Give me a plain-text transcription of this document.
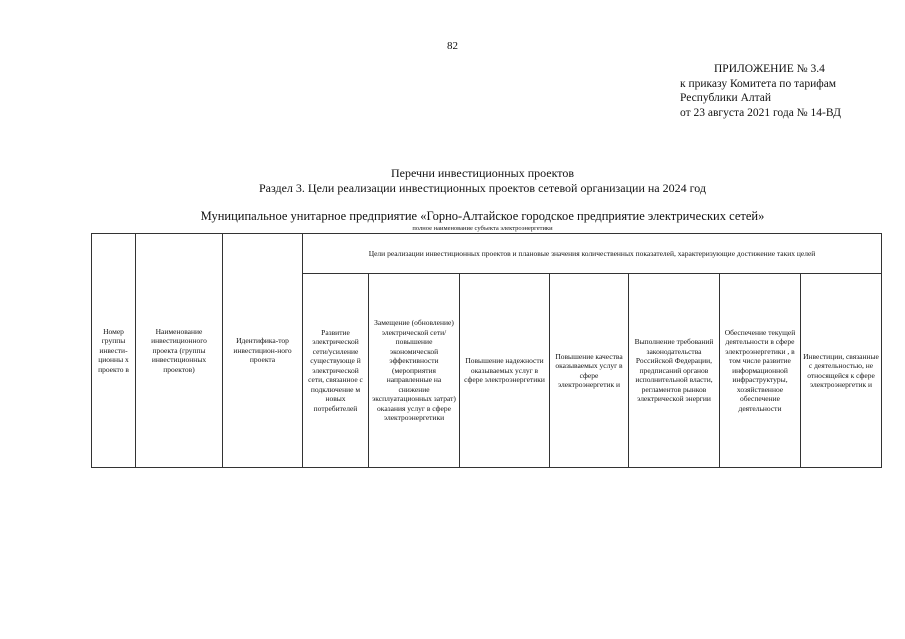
82
ПРИЛОЖЕНИЕ № 3.4
к приказу Комитета по тарифам
Республики Алтай
от 23 августа 2021 года № 14-ВД
Перечни инвестиционных проектов
Раздел 3. Цели реализации инвестиционных проектов сетевой организации на 2024 год
Муниципальное унитарное предприятие «Горно-Алтайское городское предприятие электрических сетей»
полное наименование субъекта электроэнергетики
Номер группы инвести-ционны х проекто в	Наименование инвестиционного проекта (группы инвестиционных проектов)	Идентифика-тор инвестицион-ного проекта	Цели реализации инвестиционных проектов и плановые значения количественных показателей, характеризующие достижение таких целей						
			Развитие электрической сети/усиление существующе й электрической сети, связанное с подключение м новых потребителей	Замещение (обновление) электрической сети/повышение экономической эффективности (мероприятия направленные на снижение эксплуатационных затрат) оказания услуг в сфере электроэнергетики	Повышение надежности оказываемых услуг в сфере электроэнергетики	Повышение качества оказываемых услуг в сфере электроэнергетик и	Выполнение требований законодательства Российской Федерации, предписаний органов исполнительной власти, регламентов рынков электрической энергии	Обеспечение текущей деятельности в сфере электроэнергетики , в том числе развитие информационной инфраструктуры, хозяйственное обеспечение деятельности	Инвестиции, связанные с деятельностью, не относящейся к сфере электроэнергетик и
